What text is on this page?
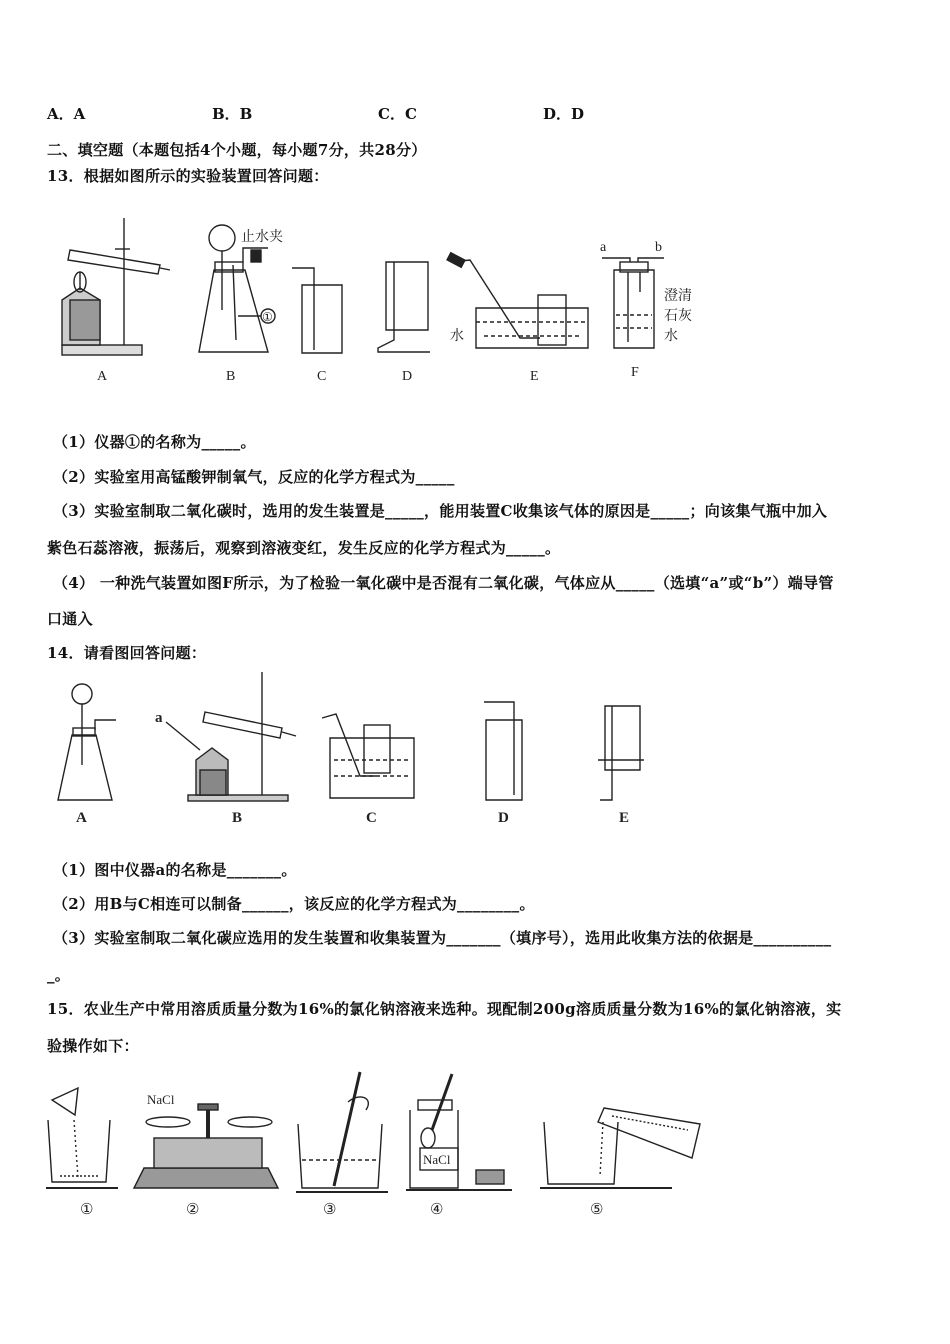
A．A	B．B	C．C	D．D
二、填空题（本题包括4个小题，每小题7分，共28分）
13．根据如图所示的实验装置回答问题：
A	B	C	D	E	F
止水夹
①
水
a	b
澄清
石灰
水
（1）仪器①的名称为_____。
（2）实验室用高锰酸钾制氧气，反应的化学方程式为_____
（3）实验室制取二氧化碳时，选用的发生装置是_____，能用装置C收集该气体的原因是_____；向该集气瓶中加入
紫色石蕊溶液，振荡后，观察到溶液变红，发生反应的化学方程式为_____。
（4） 一种洗气装置如图F所示，为了检验一氧化碳中是否混有二氧化碳，气体应从_____（选填“a”或“b”）端导管
口通入
14．请看图回答问题：
A	B	C	D	E
a
（1）图中仪器a的名称是_______。
（2）用B与C相连可以制备______，该反应的化学方程式为________。
（3）实验室制取二氧化碳应选用的发生装置和收集装置为_______（填序号），选用此收集方法的依据是__________
_。
15．农业生产中常用溶质质量分数为16%的氯化钠溶液来选种。现配制200g溶质质量分数为16%的氯化钠溶液，实
验操作如下：
NaCl
NaCl
①	②	③	④	⑤
